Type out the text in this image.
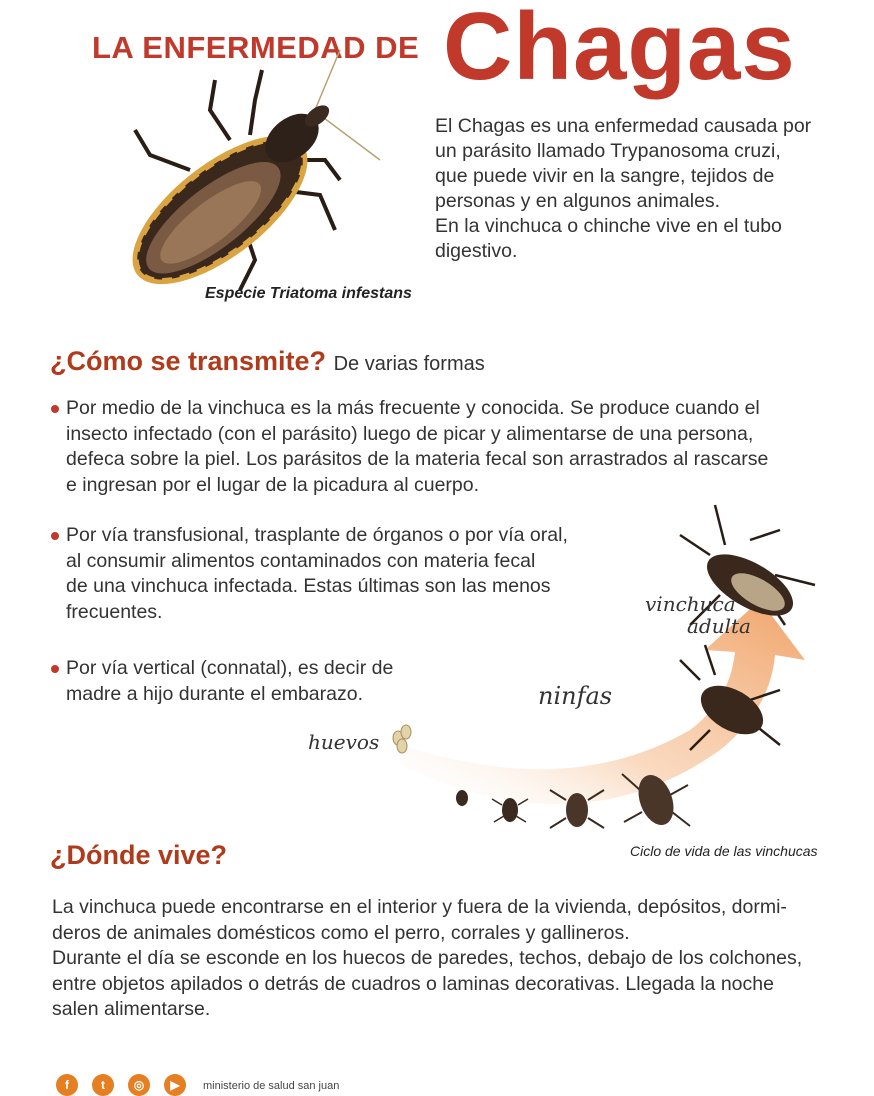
LA ENFERMEDAD DE Chagas
Especie Triatoma infestans
El Chagas es una enfermedad causada por
un parásito llamado Trypanosoma cruzi,
que puede vivir en la sangre, tejidos de
personas y en algunos animales.
En la vinchuca o chinche vive en el tubo
digestivo.
¿Cómo se transmite? De varias formas
Por medio de la vinchuca es la más frecuente y conocida. Se produce cuando el
insecto infectado (con el parásito) luego de picar y alimentarse de una persona,
defeca sobre la piel. Los parásitos de la materia fecal son arrastrados al rascarse
e ingresan por el lugar de la picadura al cuerpo.
Por vía transfusional, trasplante de órganos o por vía oral,
al consumir alimentos contaminados con materia fecal
de una vinchuca infectada. Estas últimas son las menos
frecuentes.
Por vía vertical (connatal), es decir de
madre a hijo durante el embarazo.
vinchuca
adulta
ninfas
huevos
Ciclo de vida de las vinchucas
¿Dónde vive?
La vinchuca puede encontrarse en el interior y fuera de la vivienda, depósitos, dormi-
deros de animales domésticos como el perro, corrales y gallineros.
Durante el día se esconde en los huecos de paredes, techos, debajo de los colchones,
entre objetos apilados o detrás de cuadros o laminas decorativas. Llegada la noche
salen alimentarse.
f	t	◎	▶	ministerio de salud san juan
